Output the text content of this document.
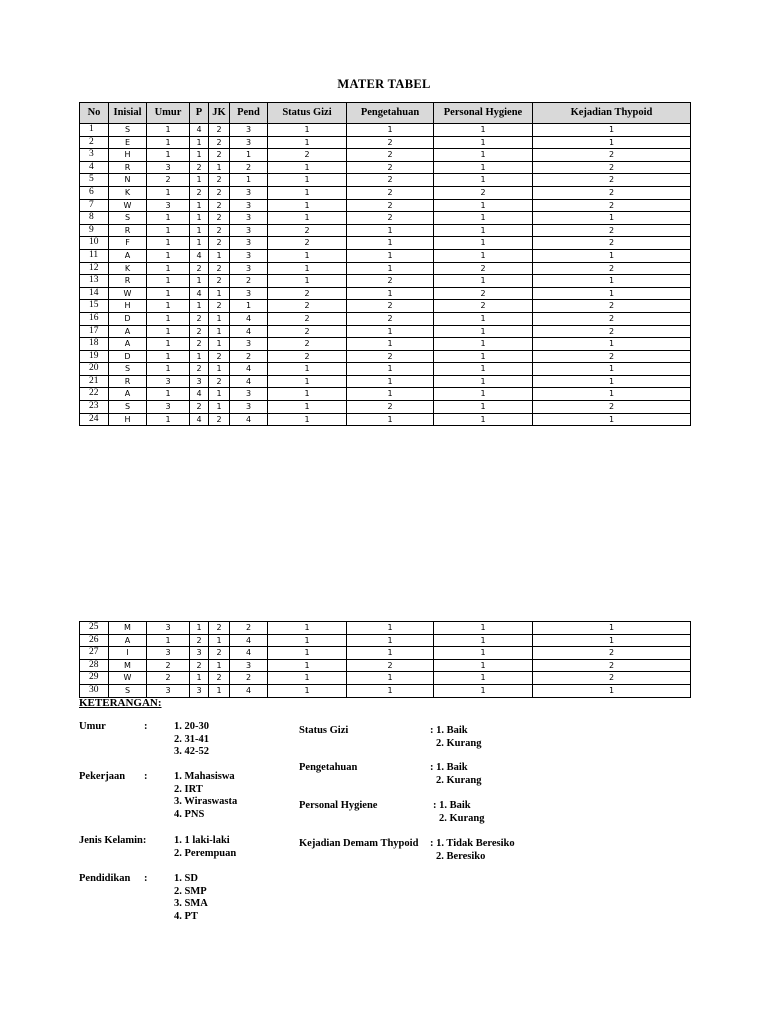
MATER TABEL
No	Inisial	Umur	P	JK	Pend	Status Gizi	Pengetahuan	Personal Hygiene	Kejadian Thypoid
1	S	1	4	2	3	1	1	1	1
2	E	1	1	2	3	1	2	1	1
3	H	1	1	2	1	2	2	1	2
4	R	3	2	1	2	1	2	1	2
5	N	2	1	2	1	1	2	1	2
6	K	1	2	2	3	1	2	2	2
7	W	3	1	2	3	1	2	1	2
8	S	1	1	2	3	1	2	1	1
9	R	1	1	2	3	2	1	1	2
10	F	1	1	2	3	2	1	1	2
11	A	1	4	1	3	1	1	1	1
12	K	1	2	2	3	1	1	2	2
13	R	1	1	2	2	1	2	1	1
14	W	1	4	1	3	2	1	2	1
15	H	1	1	2	1	2	2	2	2
16	D	1	2	1	4	2	2	1	2
17	A	1	2	1	4	2	1	1	2
18	A	1	2	1	3	2	1	1	1
19	D	1	1	2	2	2	2	1	2
20	S	1	2	1	4	1	1	1	1
21	R	3	3	2	4	1	1	1	1
22	A	1	4	1	3	1	1	1	1
23	S	3	2	1	3	1	2	1	2
24	H	1	4	2	4	1	1	1	1
25	M	3	1	2	2	1	1	1	1
26	A	1	2	1	4	1	1	1	1
27	I	3	3	2	4	1	1	1	2
28	M	2	2	1	3	1	2	1	2
29	W	2	1	2	2	1	1	1	2
30	S	3	3	1	4	1	1	1	1
KETERANGAN:
Umur	:	1. 20-30
2. 31-41
3. 42-52
Pekerjaan :	1. Mahasiswa
2. IRT
3. Wiraswasta
4. PNS
Jenis Kelamin:	1. 1 laki-laki
2. Perempuan
Pendidikan :	1. SD
2. SMP
3. SMA
4. PT
Status Gizi	: 1. Baik
2. Kurang
Pengetahuan	: 1. Baik
2. Kurang
Personal Hygiene	: 1. Baik
2. Kurang
Kejadian Demam Thypoid : 1. Tidak Beresiko
2. Beresiko
